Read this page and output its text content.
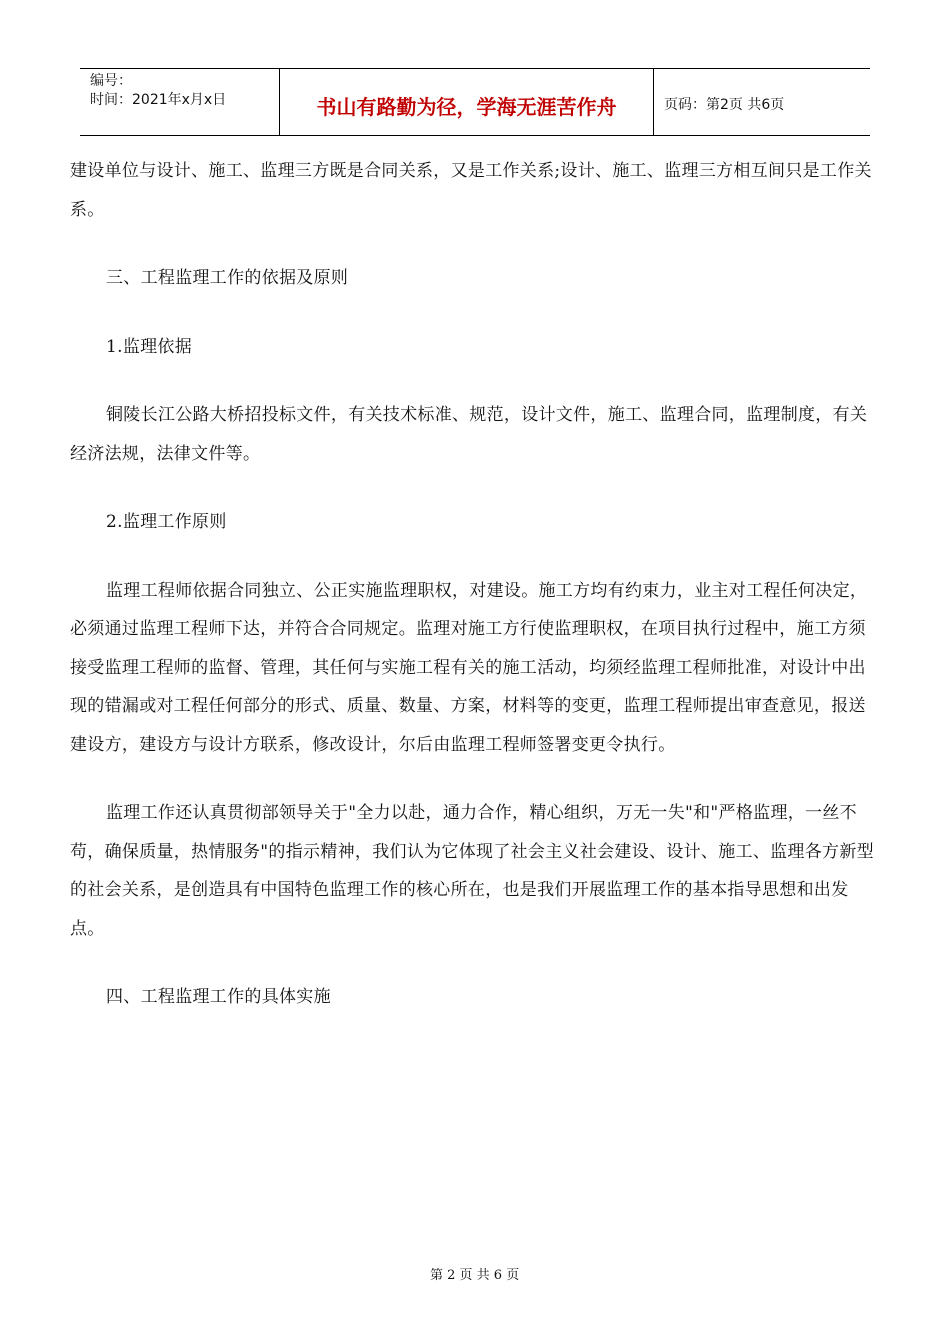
编号：
时间：2021年x月x日	书山有路勤为径，学海无涯苦作舟	页码：第2页 共6页

建设单位与设计、施工、监理三方既是合同关系，又是工作关系;设计、施工、监理三方相互间只是工作关系。

三、工程监理工作的依据及原则

1.监理依据

铜陵长江公路大桥招投标文件，有关技术标准、规范，设计文件，施工、监理合同，监理制度，有关经济法规，法律文件等。

2.监理工作原则

监理工程师依据合同独立、公正实施监理职权，对建设。施工方均有约束力，业主对工程任何决定，必须通过监理工程师下达，并符合合同规定。监理对施工方行使监理职权，在项目执行过程中，施工方须接受监理工程师的监督、管理，其任何与实施工程有关的施工活动，均须经监理工程师批准，对设计中出现的错漏或对工程任何部分的形式、质量、数量、方案，材料等的变更，监理工程师提出审查意见，报送建设方，建设方与设计方联系，修改设计，尔后由监理工程师签署变更令执行。

监理工作还认真贯彻部领导关于"全力以赴，通力合作，精心组织，万无一失"和"严格监理，一丝不苟，确保质量，热情服务"的指示精神，我们认为它体现了社会主义社会建设、设计、施工、监理各方新型的社会关系，是创造具有中国特色监理工作的核心所在，也是我们开展监理工作的基本指导思想和出发点。

四、工程监理工作的具体实施

第 2 页 共 6 页
